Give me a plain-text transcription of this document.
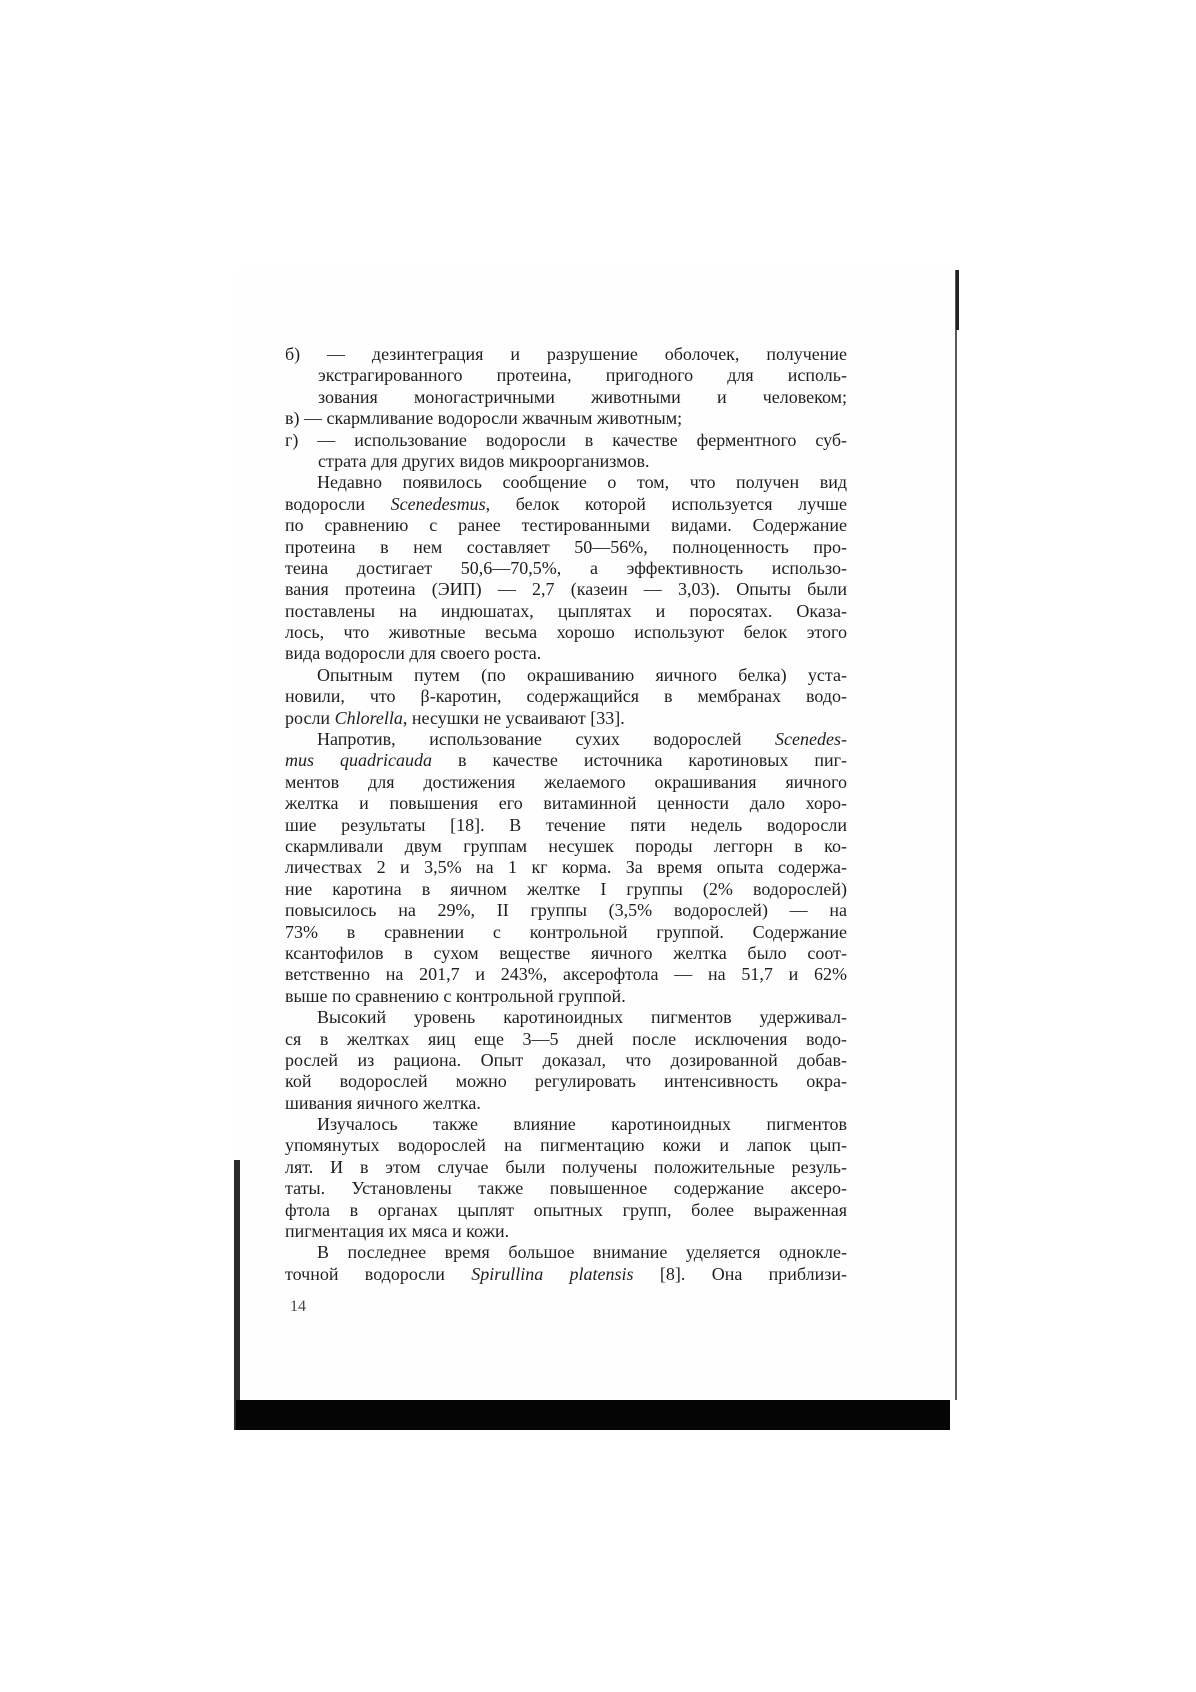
б) — дезинтеграция и разрушение оболочек, получение
экстрагированного протеина, пригодного для исполь-
зования моногастричными животными и человеком;
в) — скармливание водоросли жвачным животным;
г) — использование водоросли в качестве ферментного суб-
страта для других видов микроорганизмов.
Недавно появилось сообщение о том, что получен вид
водоросли Scenedesmus, белок которой используется лучше
по сравнению с ранее тестированными видами. Содержание
протеина в нем составляет 50—56%, полноценность про-
теина достигает 50,6—70,5%, а эффективность использо-
вания протеина (ЭИП) — 2,7 (казеин — 3,03). Опыты были
поставлены на индюшатах, цыплятах и поросятах. Оказа-
лось, что животные весьма хорошо используют белок этого
вида водоросли для своего роста.
Опытным путем (по окрашиванию яичного белка) уста-
новили, что β-каротин, содержащийся в мембранах водо-
росли Chlorella, несушки не усваивают [33].
Напротив, использование сухих водорослей Scenedes-
mus quadricauda в качестве источника каротиновых пиг-
ментов для достижения желаемого окрашивания яичного
желтка и повышения его витаминной ценности дало хоро-
шие результаты [18]. В течение пяти недель водоросли
скармливали двум группам несушек породы леггорн в ко-
личествах 2 и 3,5% на 1 кг корма. За время опыта содержа-
ние каротина в яичном желтке I группы (2% водорослей)
повысилось на 29%, II группы (3,5% водорослей) — на
73% в сравнении с контрольной группой. Содержание
ксантофилов в сухом веществе яичного желтка было соот-
ветственно на 201,7 и 243%, аксерофтола — на 51,7 и 62%
выше по сравнению с контрольной группой.
Высокий уровень каротиноидных пигментов удерживал-
ся в желтках яиц еще 3—5 дней после исключения водо-
рослей из рациона. Опыт доказал, что дозированной добав-
кой водорослей можно регулировать интенсивность окра-
шивания яичного желтка.
Изучалось также влияние каротиноидных пигментов
упомянутых водорослей на пигментацию кожи и лапок цып-
лят. И в этом случае были получены положительные резуль-
таты. Установлены также повышенное содержание аксеро-
фтола в органах цыплят опытных групп, более выраженная
пигментация их мяса и кожи.
В последнее время большое внимание уделяется однокле-
точной водоросли Spirullina platensis [8]. Она приблизи-
14
